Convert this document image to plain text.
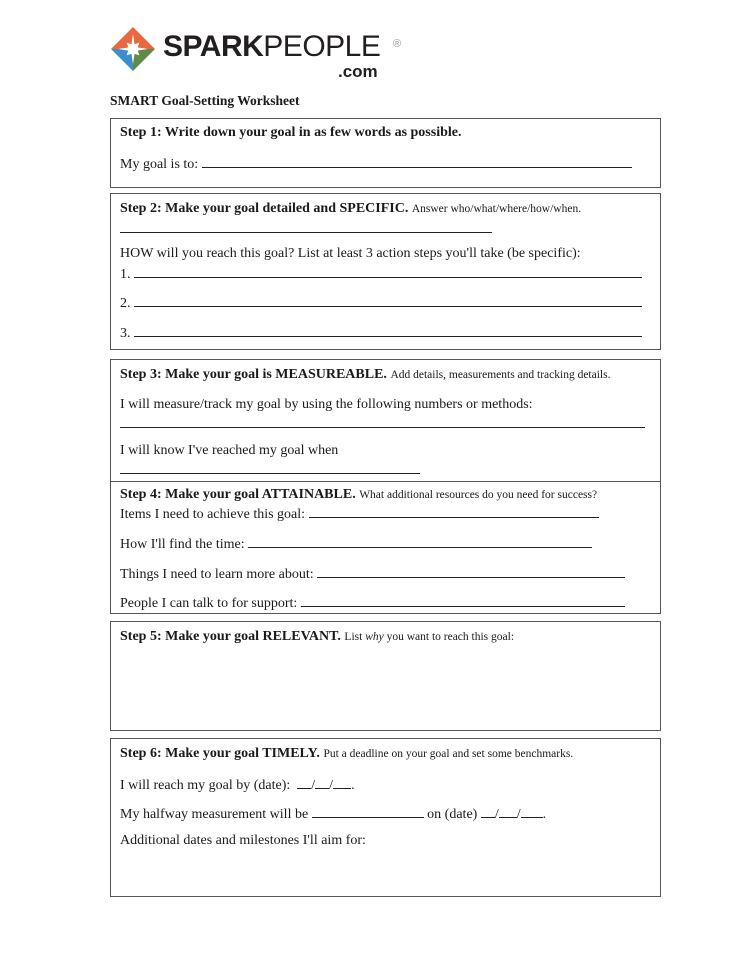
SPARKPEOPLE ®
.com
SMART Goal-Setting Worksheet
Step 1: Write down your goal in as few words as possible.
My goal is to:
Step 2: Make your goal detailed and SPECIFIC. Answer who/what/where/how/when.
HOW will you reach this goal? List at least 3 action steps you'll take (be specific):
1.
2.
3.
Step 3: Make your goal is MEASUREABLE. Add details, measurements and tracking details.
I will measure/track my goal by using the following numbers or methods:
I will know I've reached my goal when
Step 4: Make your goal ATTAINABLE. What additional resources do you need for success?
Items I need to achieve this goal:
How I'll find the time:
Things I need to learn more about:
People I can talk to for support:
Step 5: Make your goal RELEVANT. List why you want to reach this goal:
Step 6: Make your goal TIMELY. Put a deadline on your goal and set some benchmarks.
I will reach my goal by (date): / / .
My halfway measurement will be	on (date) / / .
Additional dates and milestones I'll aim for:
